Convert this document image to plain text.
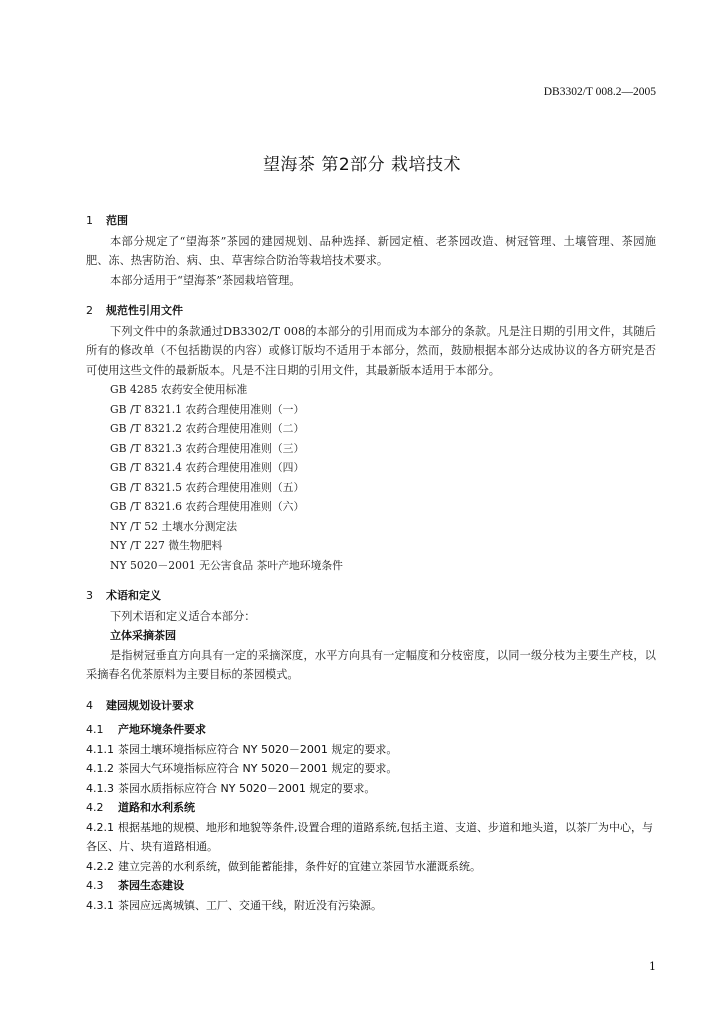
DB3302/T 008.2—2005
望海茶 第2部分 栽培技术
1 范围

本部分规定了“望海茶”茶园的建园规划、品种选择、新园定植、老茶园改造、树冠管理、土壤管理、茶园施肥、冻、热害防治、病、虫、草害综合防治等栽培技术要求。

本部分适用于“望海茶”茶园栽培管理。

2 规范性引用文件

下列文件中的条款通过DB3302/T 008的本部分的引用而成为本部分的条款。凡是注日期的引用文件，其随后所有的修改单（不包括勘误的内容）或修订版均不适用于本部分，然而，鼓励根据本部分达成协议的各方研究是否可使用这些文件的最新版本。凡是不注日期的引用文件，其最新版本适用于本部分。

GB 4285 农药安全使用标准

GB /T 8321.1 农药合理使用准则（一）

GB /T 8321.2 农药合理使用准则（二）

GB /T 8321.3 农药合理使用准则（三）

GB /T 8321.4 农药合理使用准则（四）

GB /T 8321.5 农药合理使用准则（五）

GB /T 8321.6 农药合理使用准则（六）

NY /T 52 土壤水分测定法

NY /T 227 微生物肥料

NY 5020－2001 无公害食品 茶叶产地环境条件

3 术语和定义

下列术语和定义适合本部分：

立体采摘茶园

是指树冠垂直方向具有一定的采摘深度，水平方向具有一定幅度和分枝密度，以同一级分枝为主要生产枝，以采摘春名优茶原料为主要目标的茶园模式。

4 建园规划设计要求
4.1 产地环境条件要求
4.1.1 茶园土壤环境指标应符合 NY 5020－2001 规定的要求。
4.1.2 茶园大气环境指标应符合 NY 5020－2001 规定的要求。
4.1.3 茶园水质指标应符合 NY 5020－2001 规定的要求。
4.2 道路和水利系统
4.2.1 根据基地的规模、地形和地貌等条件,设置合理的道路系统,包括主道、支道、步道和地头道，以茶厂为中心，与各区、片、块有道路相通。
4.2.2 建立完善的水利系统，做到能蓄能排，条件好的宜建立茶园节水灌溉系统。
4.3 茶园生态建设
4.3.1 茶园应远离城镇、工厂、交通干线，附近没有污染源。
1
